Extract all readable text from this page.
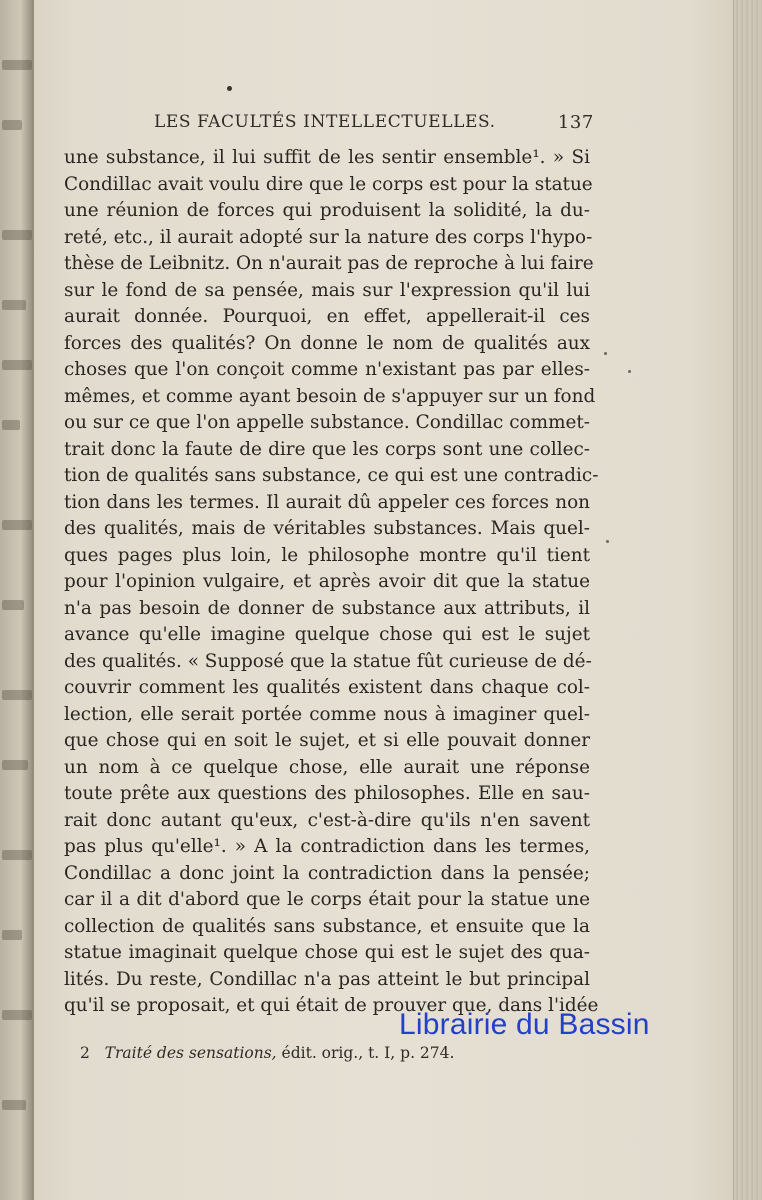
LES FACULTÉS INTELLECTUELLES.	137
une substance, il lui suffit de les sentir ensemble¹. » Si
Condillac avait voulu dire que le corps est pour la statue
une réunion de forces qui produisent la solidité, la du-
reté, etc., il aurait adopté sur la nature des corps l'hypo-
thèse de Leibnitz. On n'aurait pas de reproche à lui faire
sur le fond de sa pensée, mais sur l'expression qu'il lui
aurait donnée. Pourquoi, en effet, appellerait-il ces
forces des qualités? On donne le nom de qualités aux
choses que l'on conçoit comme n'existant pas par elles-
mêmes, et comme ayant besoin de s'appuyer sur un fond
ou sur ce que l'on appelle substance. Condillac commet-
trait donc la faute de dire que les corps sont une collec-
tion de qualités sans substance, ce qui est une contradic-
tion dans les termes. Il aurait dû appeler ces forces non
des qualités, mais de véritables substances. Mais quel-
ques pages plus loin, le philosophe montre qu'il tient
pour l'opinion vulgaire, et après avoir dit que la statue
n'a pas besoin de donner de substance aux attributs, il
avance qu'elle imagine quelque chose qui est le sujet
des qualités. « Supposé que la statue fût curieuse de dé-
couvrir comment les qualités existent dans chaque col-
lection, elle serait portée comme nous à imaginer quel-
que chose qui en soit le sujet, et si elle pouvait donner
un nom à ce quelque chose, elle aurait une réponse
toute prête aux questions des philosophes. Elle en sau-
rait donc autant qu'eux, c'est-à-dire qu'ils n'en savent
pas plus qu'elle¹. » A la contradiction dans les termes,
Condillac a donc joint la contradiction dans la pensée;
car il a dit d'abord que le corps était pour la statue une
collection de qualités sans substance, et ensuite que la
statue imaginait quelque chose qui est le sujet des qua-
lités. Du reste, Condillac n'a pas atteint le but principal
qu'il se proposait, et qui était de prouver que, dans l'idée
2 Traité des sensations, édit. orig., t. I, p. 274.
Librairie du Bassin
